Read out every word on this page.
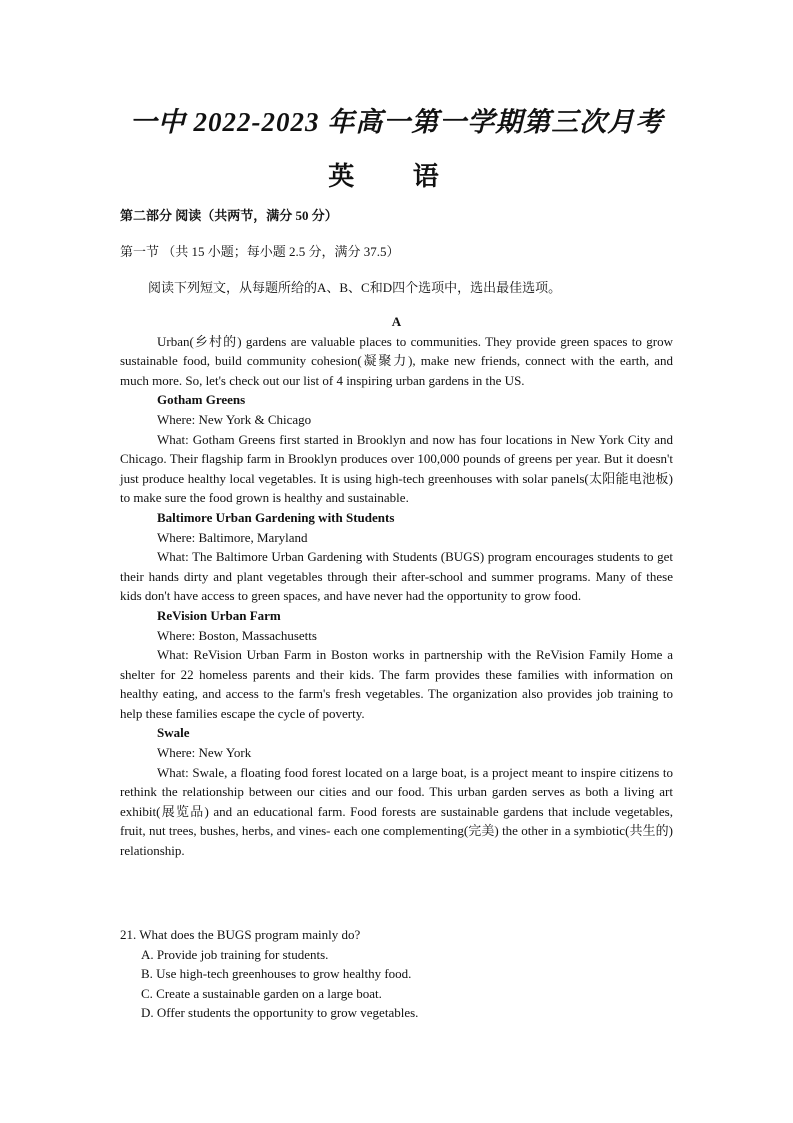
一中 2022-2023 年高一第一学期第三次月考
英 语
第二部分 阅读（共两节，满分 50 分）
第一节 （共 15 小题；每小题 2.5 分，满分 37.5）
阅读下列短文，从每题所给的A、B、C和D四个选项中，选出最佳选项。

A

Urban(乡村的) gardens are valuable places to communities. They provide green spaces to grow sustainable food, build community cohesion(凝聚力), make new friends, connect with the earth, and much more. So, let's check out our list of 4 inspiring urban gardens in the US.

Gotham Greens

Where: New York & Chicago

What: Gotham Greens first started in Brooklyn and now has four locations in New York City and Chicago. Their flagship farm in Brooklyn produces over 100,000 pounds of greens per year. But it doesn't just produce healthy local vegetables. It is using high-tech greenhouses with solar panels(太阳能电池板) to make sure the food grown is healthy and sustainable.

Baltimore Urban Gardening with Students

Where: Baltimore, Maryland

What: The Baltimore Urban Gardening with Students (BUGS) program encourages students to get their hands dirty and plant vegetables through their after-school and summer programs. Many of these kids don't have access to green spaces, and have never had the opportunity to grow food.

ReVision Urban Farm

Where: Boston, Massachusetts

What: ReVision Urban Farm in Boston works in partnership with the ReVision Family Home a shelter for 22 homeless parents and their kids. The farm provides these families with information on healthy eating, and access to the farm's fresh vegetables. The organization also provides job training to help these families escape the cycle of poverty.

Swale

Where: New York

What: Swale, a floating food forest located on a large boat, is a project meant to inspire citizens to rethink the relationship between our cities and our food. This urban garden serves as both a living art exhibit(展览品) and an educational farm. Food forests are sustainable gardens that include vegetables, fruit, nut trees, bushes, herbs, and vines- each one complementing(完美) the other in a symbiotic(共生的) relationship.

21. What does the BUGS program mainly do?

A. Provide job training for students.

B. Use high-tech greenhouses to grow healthy food.

C. Create a sustainable garden on a large boat.

D. Offer students the opportunity to grow vegetables.
